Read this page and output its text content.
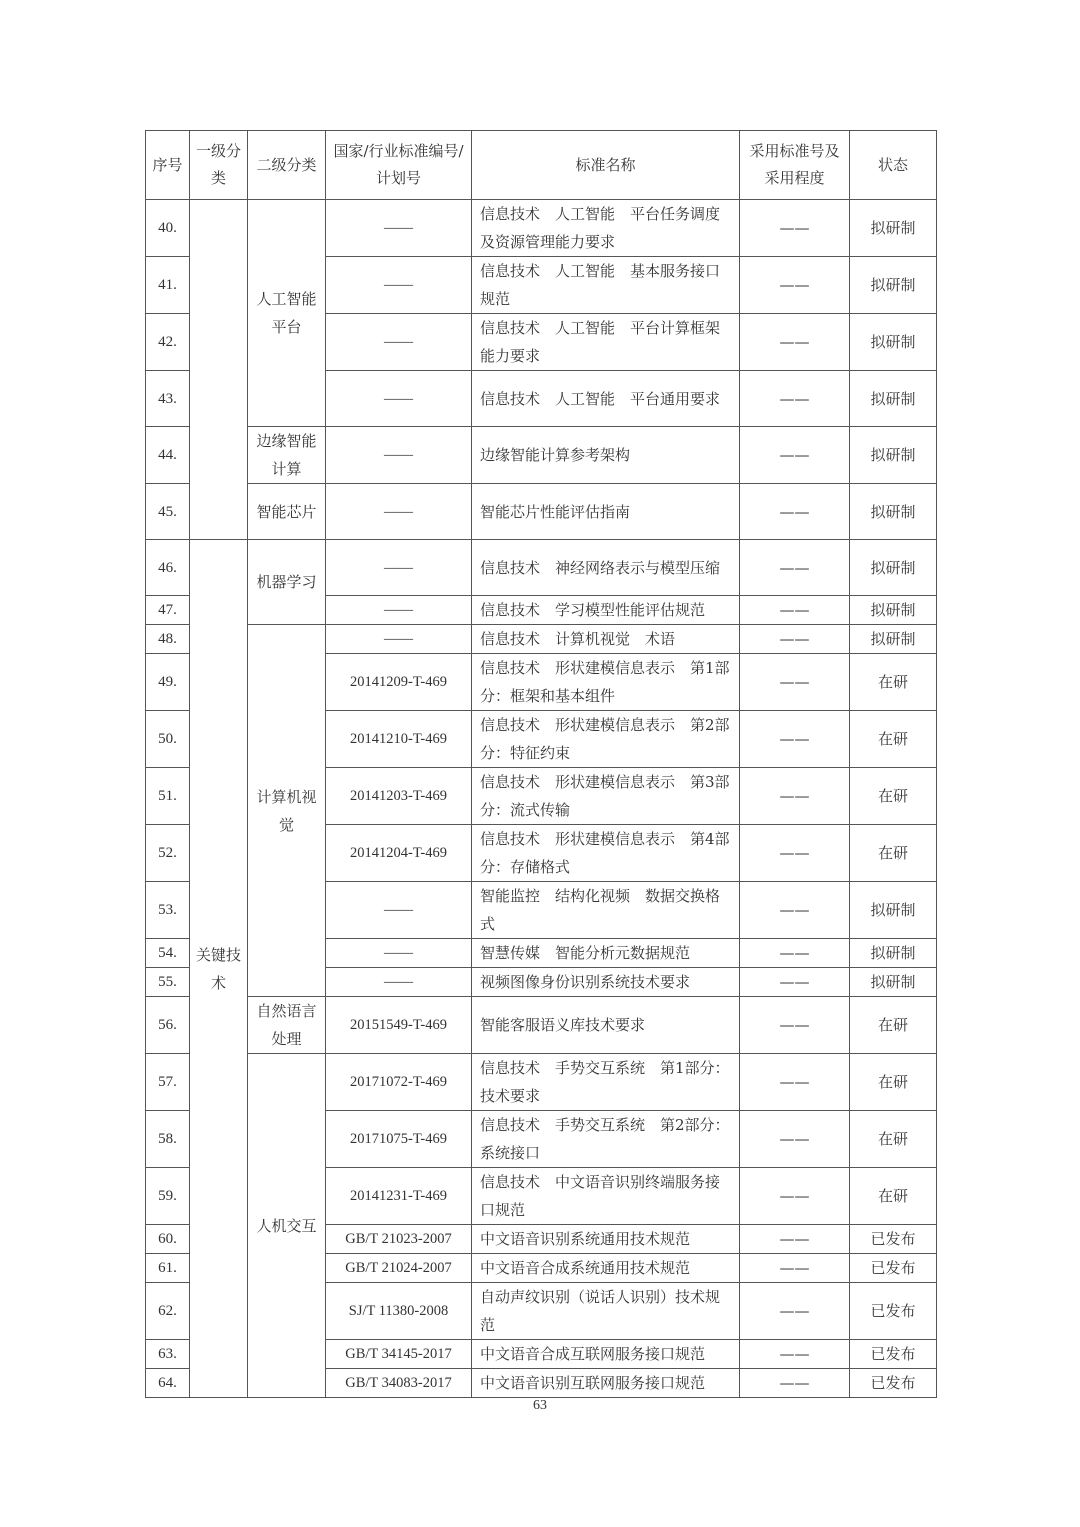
序号	一级分类	二级分类	国家/行业标准编号/计划号	标准名称	采用标准号及采用程度	状态
40.		人工智能平台	——	信息技术　人工智能　平台任务调度及资源管理能力要求	——	拟研制
41.			——	信息技术　人工智能　基本服务接口规范	——	拟研制
42.			——	信息技术　人工智能　平台计算框架能力要求	——	拟研制
43.			——	信息技术　人工智能　平台通用要求	——	拟研制
44.		边缘智能计算	——	边缘智能计算参考架构	——	拟研制
45.		智能芯片	——	智能芯片性能评估指南	——	拟研制
46.	关键技术	机器学习	——	信息技术　神经网络表示与模型压缩	——	拟研制
47.			——	信息技术　学习模型性能评估规范	——	拟研制
48.		计算机视觉	——	信息技术　计算机视觉　术语	——	拟研制
49.			20141209-T-469	信息技术　形状建模信息表示　第1部分：框架和基本组件	——	在研
50.			20141210-T-469	信息技术　形状建模信息表示　第2部分：特征约束	——	在研
51.			20141203-T-469	信息技术　形状建模信息表示　第3部分：流式传输	——	在研
52.			20141204-T-469	信息技术　形状建模信息表示　第4部分：存储格式	——	在研
53.			——	智能监控　结构化视频　数据交换格式	——	拟研制
54.			——	智慧传媒　智能分析元数据规范	——	拟研制
55.			——	视频图像身份识别系统技术要求	——	拟研制
56.		自然语言处理	20151549-T-469	智能客服语义库技术要求	——	在研
57.		人机交互	20171072-T-469	信息技术　手势交互系统　第1部分：技术要求	——	在研
58.			20171075-T-469	信息技术　手势交互系统　第2部分：系统接口	——	在研
59.			20141231-T-469	信息技术　中文语音识别终端服务接口规范	——	在研
60.			GB/T 21023-2007	中文语音识别系统通用技术规范	——	已发布
61.			GB/T 21024-2007	中文语音合成系统通用技术规范	——	已发布
62.			SJ/T 11380-2008	自动声纹识别（说话人识别）技术规范	——	已发布
63.			GB/T 34145-2017	中文语音合成互联网服务接口规范	——	已发布
64.			GB/T 34083-2017	中文语音识别互联网服务接口规范	——	已发布
63
